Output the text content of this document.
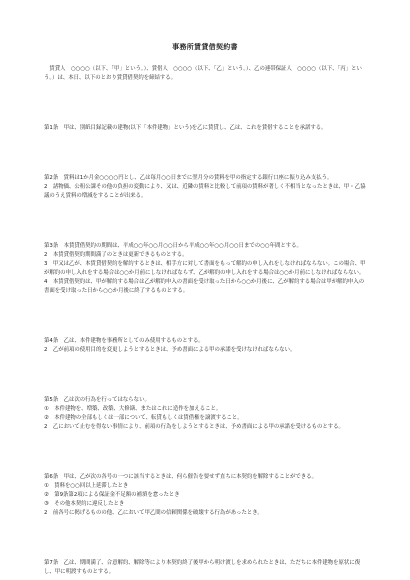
事務所賃貸借契約書

　賃貸人　○○○○（以下、「甲」という。）、賃借人　○○○○（以下、「乙」という。）、乙の連帯保証人　○○○○（以下、「丙」という。）は、本日、以下のとおり賃貸借契約を締結する。

第1条　甲は、別紙目録記載の建物(以下「本件建物」という)を乙に賃貸し、乙は、これを賃借することを承諾する。

第2条　賃料は1か月金○○○○円とし、乙は毎月○○日までに翌月分の賃料を甲の指定する銀行口座に振り込み支払う。

2　諸物価、公租公課その他の負担の変動により、又は、近隣の賃料と比較して前項の賃料が著しく不相当となったときは、甲・乙協議のうえ賃料の増減をすることが出来る。

第3条　本賃貸借契約の期間は、平成○○年○○月○○日から平成○○年○○月○○日までの○○年間とする。

2　本賃貸借契約期間満了のときは更新できるものとする。

3　甲又は乙が、本賃貸借契約を解約するときは、相手方に対して書面をもって解約の申し入れをしなければならない。この場合、甲が解約の申し入れをする場合は○○か月前にしなければならず、乙が解約の申し入れをする場合は○○か月前にしなければならない。

4　本賃貸借契約は、甲が解約する場合は乙が解約申入の書面を受け取った日から○○か月後に、乙が解約する場合は甲が解約申入の書面を受け取った日から○○か月後に終了するものとする。

第4条　乙は、本件建物を事務所としてのみ使用するものとする。

2　乙が前項の使用目的を変更しようとするときは、予め書面による甲の承諾を受けなければならない。

第5条　乙は次の行為を行ってはならない。

①　本件建物を、増築、改築、大修繕、またはこれに造作を加えること。

②　本件建物の全部もしくは一部について、転貸もしくは賃借権を譲渡すること。

2　乙において止むを得ない事情により、前項の行為をしようとするときは、予め書面による甲の承諾を受けるものとする。

第6条　甲は、乙が次の各号の一つに該当するときは、何ら催告を要せず直ちに本契約を解除することができる。

①　賃料を○○回以上延滞したとき

②　第9条第2項による保証金不足額の補填を怠ったとき

③　その他本契約に違反したとき

2　前各号に掲げるものの他、乙において甲乙間の信頼関係を破壊する行為があったとき。

第7条　乙は、期間満了、合意解約、解除等により本契約終了後甲から明け渡しを求められたときは、ただちに本件建物を原状に復し、甲に明渡すものとする。
